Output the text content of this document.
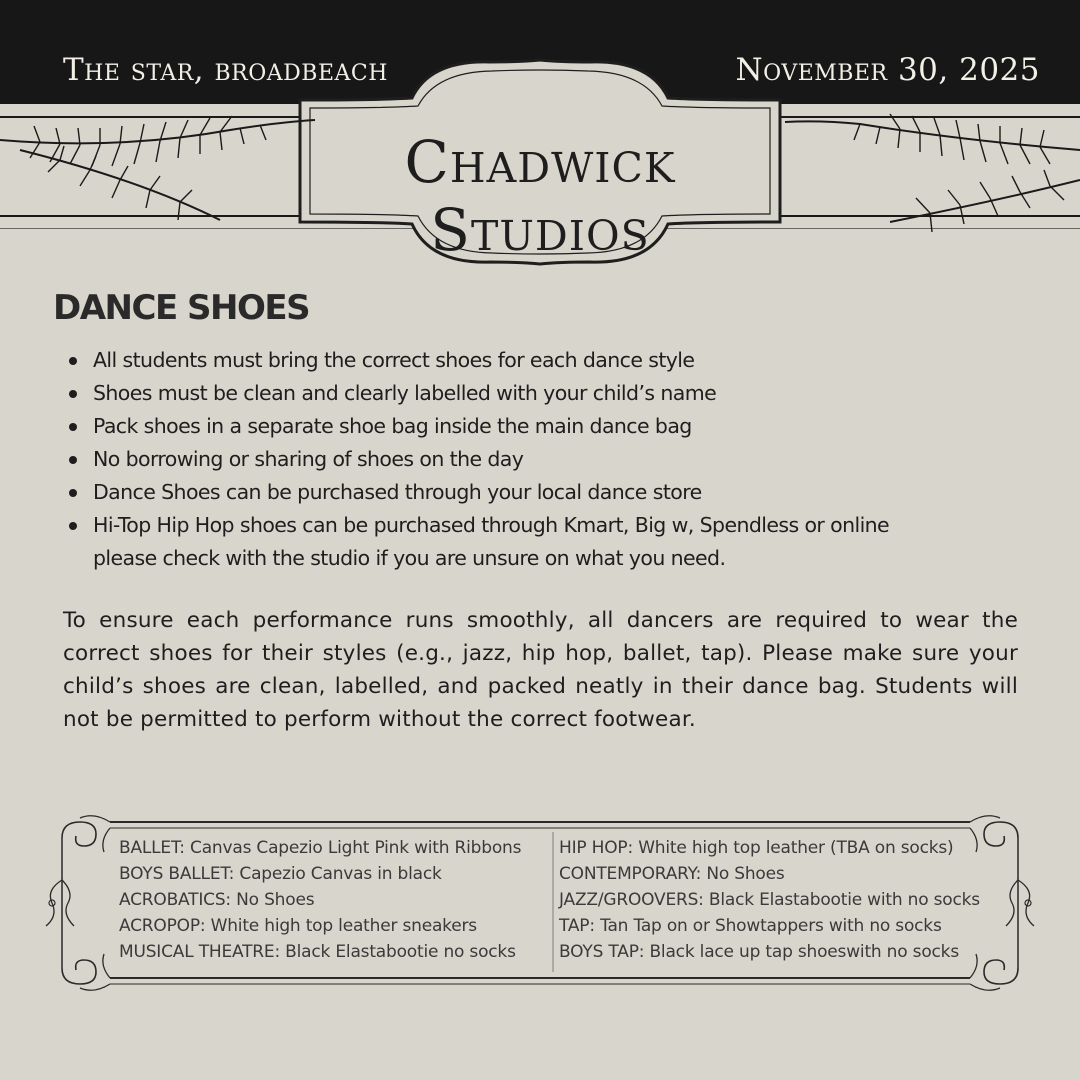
The star, broadbeach	November 30, 2025
Chadwick Studios
DANCE SHOES
All students must bring the correct shoes for each dance style
Shoes must be clean and clearly labelled with your child’s name
Pack shoes in a separate shoe bag inside the main dance bag
No borrowing or sharing of shoes on the day
Dance Shoes can be purchased through your local dance store
Hi-Top Hip Hop shoes can be purchased through Kmart, Big w, Spendless or online please check with the studio if you are unsure on what you need.

To ensure each performance runs smoothly, all dancers are required to wear the correct shoes for their styles (e.g., jazz, hip hop, ballet, tap). Please make sure your child’s shoes are clean, labelled, and packed neatly in their dance bag. Students will not be permitted to perform without the correct footwear.

BALLET: Canvas Capezio Light Pink with Ribbons
BOYS BALLET: Capezio Canvas in black
ACROBATICS: No Shoes
ACROPOP: White high top leather sneakers
MUSICAL THEATRE: Black Elastabootie no socks
HIP HOP: White high top leather (TBA on socks)
CONTEMPORARY: No Shoes
JAZZ/GROOVERS: Black Elastabootie with no socks
TAP: Tan Tap on or Showtappers with no socks
BOYS TAP: Black lace up tap shoeswith no socks
